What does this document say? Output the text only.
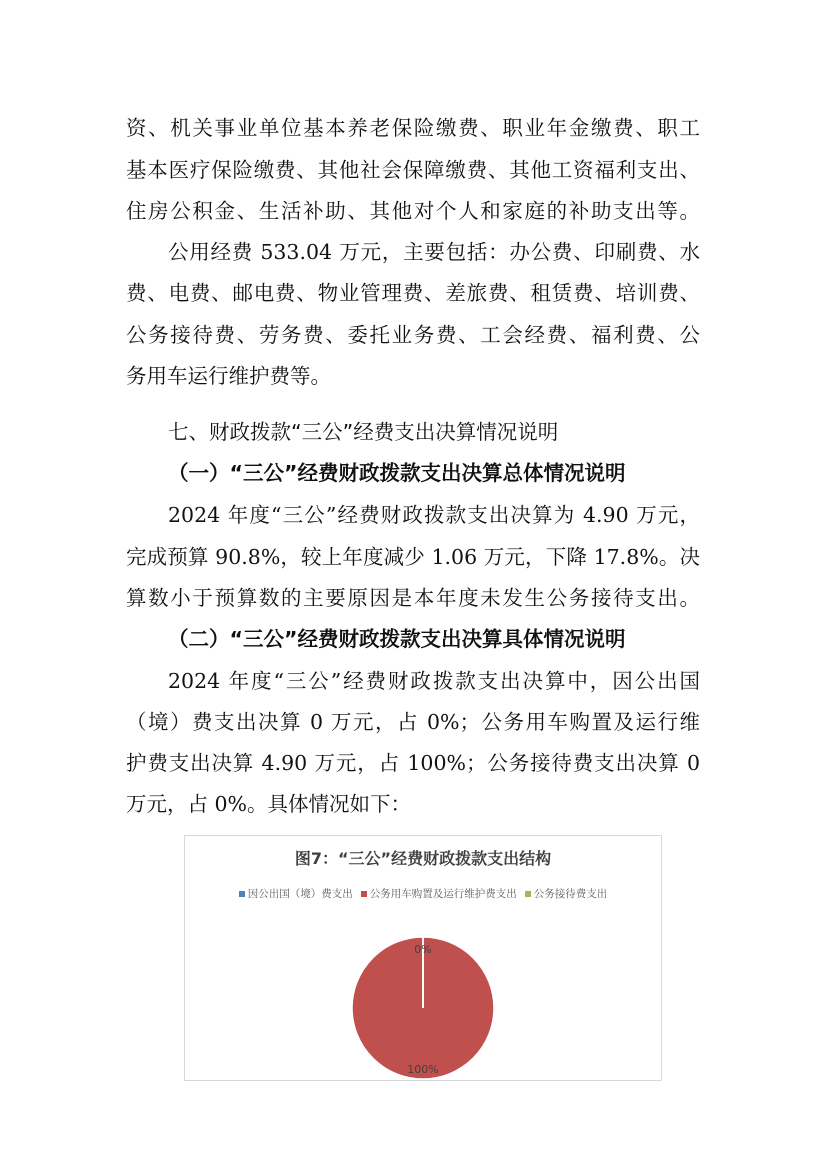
资、机关事业单位基本养老保险缴费、职业年金缴费、职工
基本医疗保险缴费、其他社会保障缴费、其他工资福利支出、
住房公积金、生活补助、其他对个人和家庭的补助支出等。
公用经费 533.04 万元，主要包括：办公费、印刷费、水
费、电费、邮电费、物业管理费、差旅费、租赁费、培训费、
公务接待费、劳务费、委托业务费、工会经费、福利费、公
务用车运行维护费等。
七、财政拨款“三公”经费支出决算情况说明
（一）“三公”经费财政拨款支出决算总体情况说明
2024 年度“三公”经费财政拨款支出决算为 4.90 万元，
完成预算 90.8%，较上年度减少 1.06 万元，下降 17.8%。决
算数小于预算数的主要原因是本年度未发生公务接待支出。
（二）“三公”经费财政拨款支出决算具体情况说明
2024 年度“三公”经费财政拨款支出决算中，因公出国
（境）费支出决算 0 万元，占 0%；公务用车购置及运行维
护费支出决算 4.90 万元，占 100%；公务接待费支出决算 0
万元，占 0%。具体情况如下：
图7：“三公”经费财政拨款支出结构
因公出国（境）费支出 公务用车购置及运行维护费支出 公务接待费支出
0%
100%
